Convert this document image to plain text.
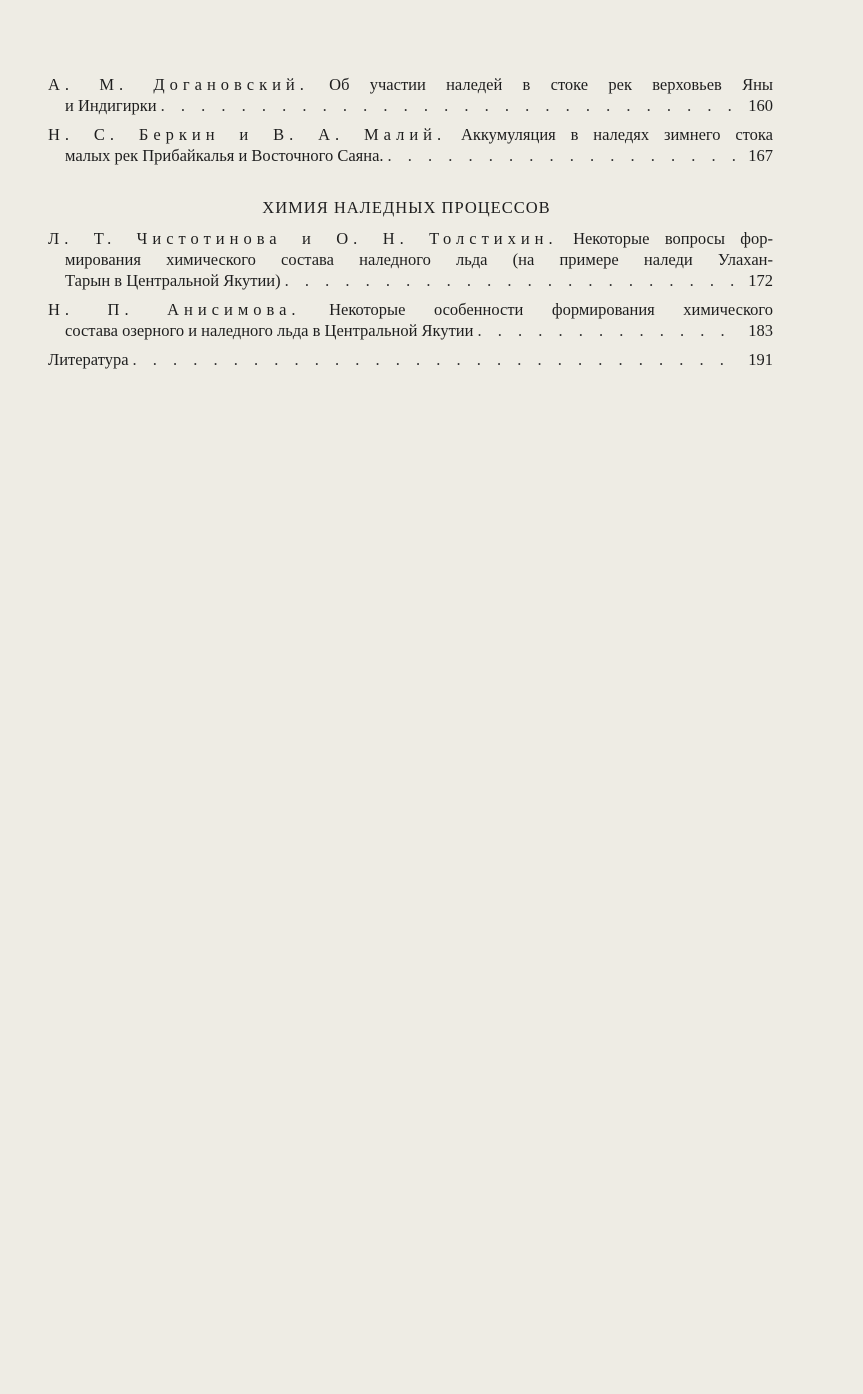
А. М. Догановский. Об участии наледей в стоке рек верховьев Яны
и Индигирки . . .	160
Н. С. Беркин и В. А. Малий. Аккумуляция в наледях зимнего стока
малых рек Прибайкалья и Восточного Саяна. . . .	167
ХИМИЯ НАЛЕДНЫХ ПРОЦЕССОВ
Л. Т. Чистотинова и О. Н. Толстихин. Некоторые вопросы фор-
мирования химического состава наледного льда (на примере наледи Улахан-
Тарын в Центральной Якутии) . . .	172
Н. П. Анисимова. Некоторые особенности формирования химического
состава озерного и наледного льда в Центральной Якутии . . .	183
Литература . . .	191
